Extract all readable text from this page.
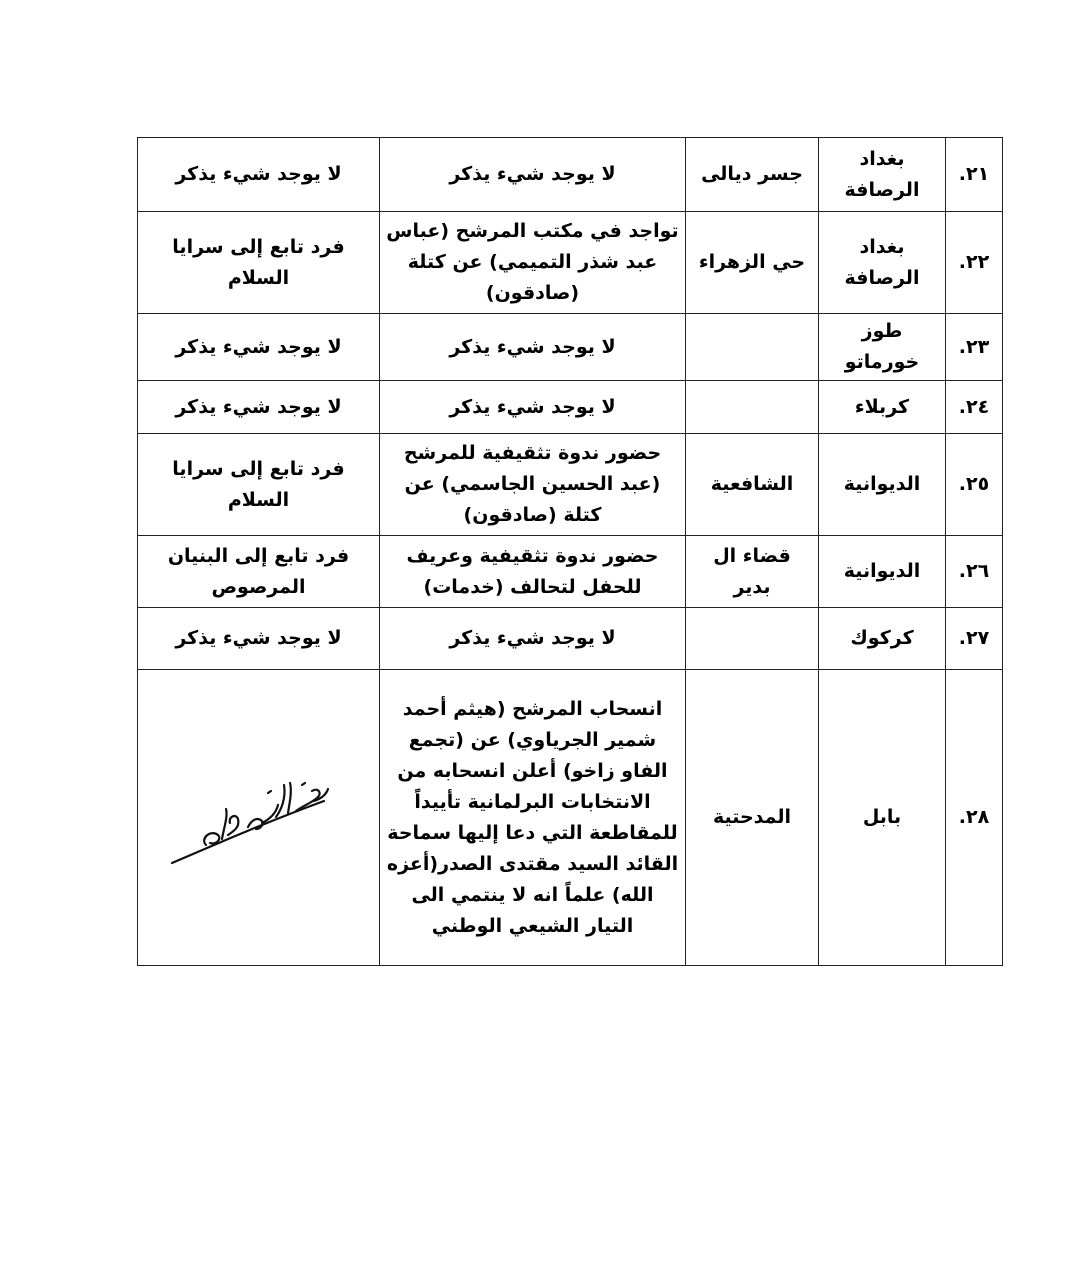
٢١.	بغداد الرصافة	جسر ديالى	لا يوجد شيء يذكر	لا يوجد شيء يذكر
٢٢.	بغداد الرصافة	حي الزهراء	تواجد في مكتب المرشح (عباس عبد شذر التميمي) عن كتلة (صادقون)	فرد تابع إلى سرايا السلام
٢٣.	طوز خورماتو		لا يوجد شيء يذكر	لا يوجد شيء يذكر
٢٤.	كربلاء		لا يوجد شيء يذكر	لا يوجد شيء يذكر
٢٥.	الديوانية	الشافعية	حضور ندوة تثقيفية للمرشح (عبد الحسين الجاسمي) عن كتلة (صادقون)	فرد تابع إلى سرايا السلام
٢٦.	الديوانية	قضاء ال بدير	حضور ندوة تثقيفية وعريف للحفل لتحالف (خدمات)	فرد تابع إلى البنيان المرصوص
٢٧.	كركوك		لا يوجد شيء يذكر	لا يوجد شيء يذكر
٢٨.	بابل	المدحتية	انسحاب المرشح (هيثم أحمد شمير الجرياوي) عن (تجمع الفاو زاخو) أعلن انسحابه من الانتخابات البرلمانية تأييداً للمقاطعة التي دعا إليها سماحة القائد السيد مقتدى الصدر(أعزه الله) علماً انه لا ينتمي الى التيار الشيعي الوطني	
